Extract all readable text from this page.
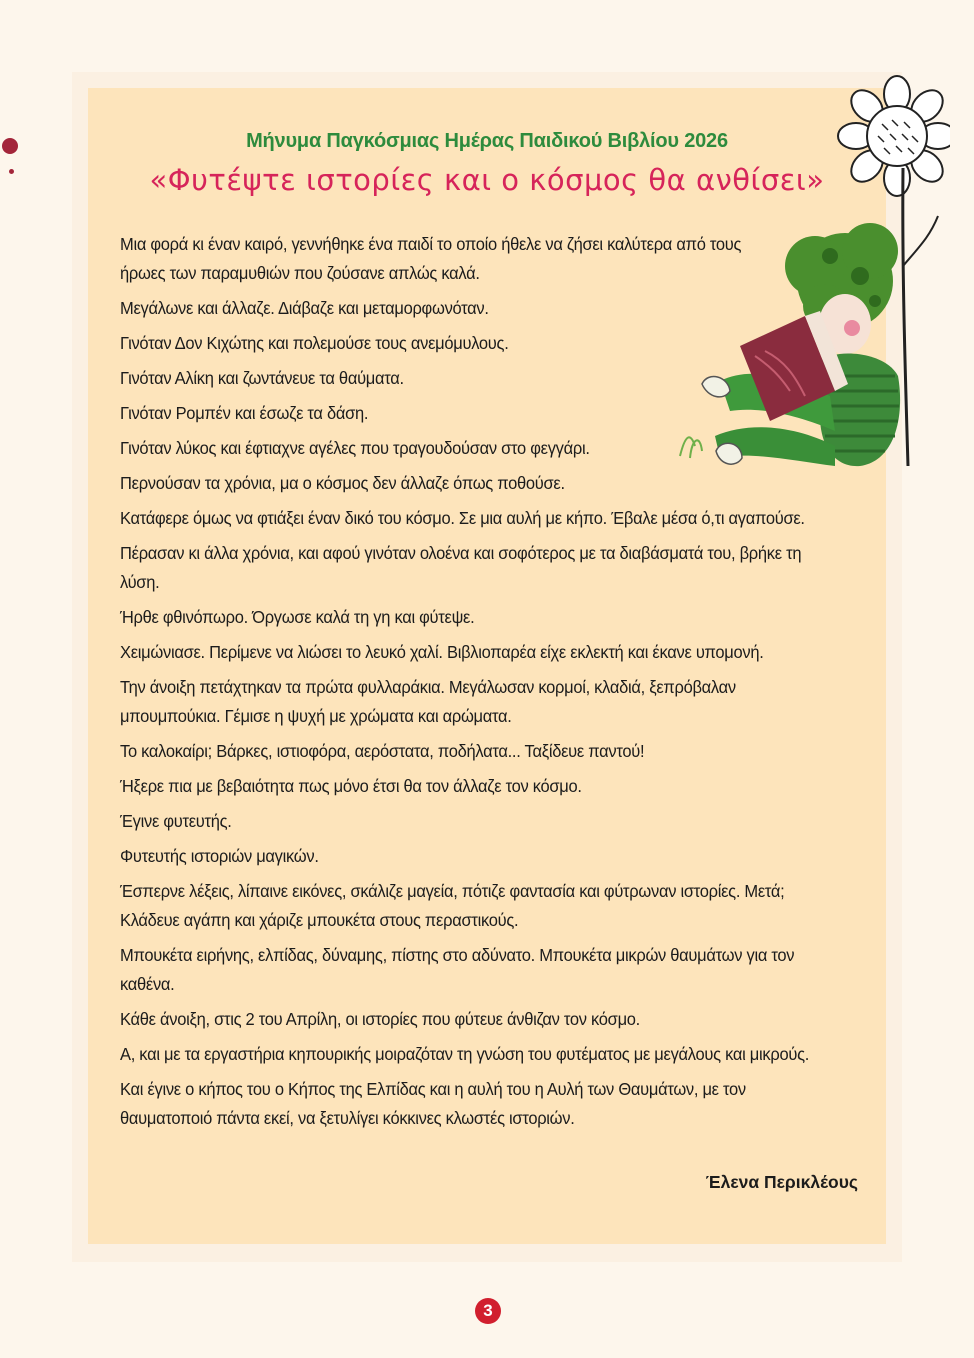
Μήνυμα Παγκόσμιας Ημέρας Παιδικού Βιβλίου 2026
«Φυτέψτε ιστορίες και ο κόσμος θα ανθίσει»

Μια φορά κι έναν καιρό, γεννήθηκε ένα παιδί το οποίο ήθελε να ζήσει καλύτερα από τους ήρωες των παραμυθιών που ζούσανε απλώς καλά.

Μεγάλωνε και άλλαζε. Διάβαζε και μεταμορφωνόταν.

Γινόταν Δον Κιχώτης και πολεμούσε τους ανεμόμυλους.

Γινόταν Αλίκη και ζωντάνευε τα θαύματα.

Γινόταν Ρομπέν και έσωζε τα δάση.

Γινόταν λύκος και έφτιαχνε αγέλες που τραγουδούσαν στο φεγγάρι.

Περνούσαν τα χρόνια, μα ο κόσμος δεν άλλαζε όπως ποθούσε.

Κατάφερε όμως να φτιάξει έναν δικό του κόσμο. Σε μια αυλή με κήπο. Έβαλε μέσα ό,τι αγαπούσε.

Πέρασαν κι άλλα χρόνια, και αφού γινόταν ολοένα και σοφότερος με τα διαβάσματά του, βρήκε τη λύση.

Ήρθε φθινόπωρο. Όργωσε καλά τη γη και φύτεψε.

Χειμώνιασε. Περίμενε να λιώσει το λευκό χαλί. Βιβλιοπαρέα είχε εκλεκτή και έκανε υπομονή.

Την άνοιξη πετάχτηκαν τα πρώτα φυλλαράκια. Μεγάλωσαν κορμοί, κλαδιά, ξεπρόβαλαν μπουμπούκια. Γέμισε η ψυχή με χρώματα και αρώματα.

Το καλοκαίρι; Βάρκες, ιστιοφόρα, αερόστατα, ποδήλατα... Ταξίδευε παντού!

Ήξερε πια με βεβαιότητα πως μόνο έτσι θα τον άλλαζε τον κόσμο.

Έγινε φυτευτής.

Φυτευτής ιστοριών μαγικών.

Έσπερνε λέξεις, λίπαινε εικόνες, σκάλιζε μαγεία, πότιζε φαντασία και φύτρωναν ιστορίες. Μετά; Κλάδευε αγάπη και χάριζε μπουκέτα στους περαστικούς.

Μπουκέτα ειρήνης, ελπίδας, δύναμης, πίστης στο αδύνατο. Μπουκέτα μικρών θαυμάτων για τον καθένα.

Κάθε άνοιξη, στις 2 του Απρίλη, οι ιστορίες που φύτευε άνθιζαν τον κόσμο.

Α, και με τα εργαστήρια κηπουρικής μοιραζόταν τη γνώση του φυτέματος με μεγάλους και μικρούς.

Και έγινε ο κήπος του ο Κήπος της Ελπίδας και η αυλή του η Αυλή των Θαυμάτων, με τον θαυματοποιό πάντα εκεί, να ξετυλίγει κόκκινες κλωστές ιστοριών.

Έλενα Περικλέους
3
